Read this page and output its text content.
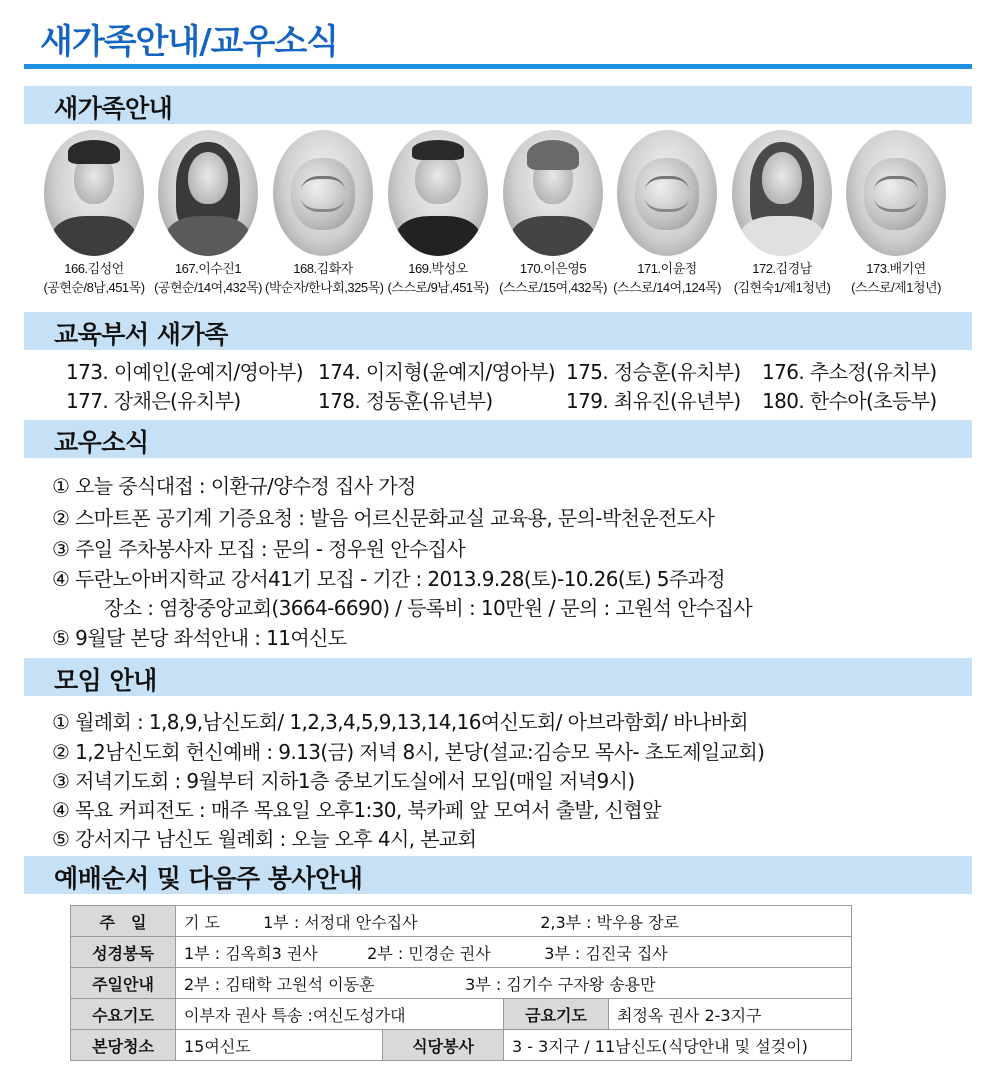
새가족안내/교우소식
새가족안내
166.김성언
(공현순/8남,451목)
167.이수진1
(공현순/14여,432목)
168.김화자
(박순자/한나회,325목)
169.박성오
(스스로/9남,451목)
170.이은영5
(스스로/15여,432목)
171.이윤정
(스스로/14여,124목)
172.김경남
(김현숙1/제1청년)
173.배기연
(스스로/제1청년)
교육부서 새가족
173. 이예인(윤예지/영아부) 174. 이지형(윤예지/영아부) 175. 정승훈(유치부) 176. 추소정(유치부)
177. 장채은(유치부)	178. 정동훈(유년부)	179. 최유진(유년부) 180. 한수아(초등부)
교우소식
① 오늘 중식대접 : 이환규/양수정 집사 가정
② 스마트폰 공기계 기증요청 : 발음 어르신문화교실 교육용, 문의-박천운전도사
③ 주일 주차봉사자 모집 : 문의 - 정우원 안수집사
④ 두란노아버지학교 강서41기 모집 - 기간 : 2013.9.28(토)-10.26(토) 5주과정
장소 : 염창중앙교회(3664-6690) / 등록비 : 10만원 / 문의 : 고원석 안수집사
⑤ 9월달 본당 좌석안내 : 11여신도
모임 안내
① 월례회 : 1,8,9,남신도회/ 1,2,3,4,5,9,13,14,16여신도회/ 아브라함회/ 바나바회
② 1,2남신도회 헌신예배 : 9.13(금) 저녁 8시, 본당(설교:김승모 목사- 초도제일교회)
③ 저녁기도회 : 9월부터 지하1층 중보기도실에서 모임(매일 저녁9시)
④ 목요 커피전도 : 매주 목요일 오후1:30, 북카페 앞 모여서 출발, 신협앞
⑤ 강서지구 남신도 월례회 : 오늘 오후 4시, 본교회
예배순서 및 다음주 봉사안내
주　일	기 도 1부 : 서정대 안수집사 2,3부 : 박우용 장로			
성경봉독	1부 : 김옥희3 권사 2부 : 민경순 권사 3부 : 김진국 집사			
주일안내	2부 : 김태학 고원석 이동훈 3부 : 김기수 구자왕 송용만			
수요기도	이부자 권사 특송 :여신도성가대		금요기도	최정옥 권사 2-3지구
본당청소	15여신도	식당봉사	3 - 3지구 / 11남신도(식당안내 및 설겆이)	
